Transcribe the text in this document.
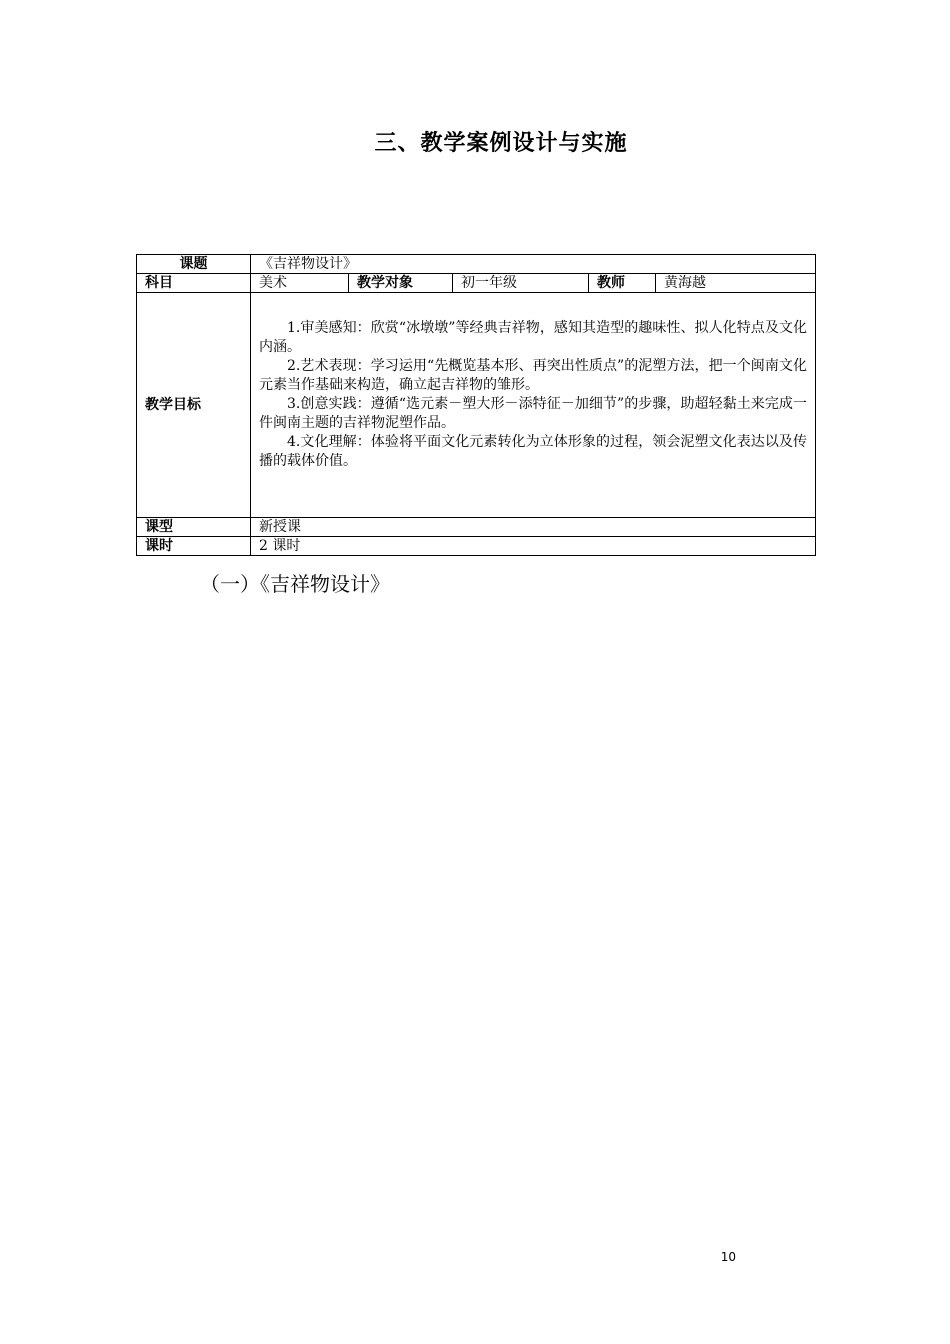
三、教学案例设计与实施
课题	《吉祥物设计》				
科目	美术	教学对象	初一年级	教师	黄海越
教学目标	1.审美感知：欣赏“冰墩墩”等经典吉祥物，感知其造型的趣味性、拟人化特点及文化内涵。

2.艺术表现：学习运用“先概览基本形、再突出性质点”的泥塑方法，把一个闽南文化元素当作基础来构造，确立起吉祥物的雏形。

3.创意实践：遵循“选元素－塑大形－添特征－加细节”的步骤，助超轻黏土来完成一件闽南主题的吉祥物泥塑作品。

4.文化理解：体验将平面文化元素转化为立体形象的过程，领会泥塑文化表达以及传播的载体价值。				

课型	新授课				
课时	2 课时				
（一）《吉祥物设计》
10
